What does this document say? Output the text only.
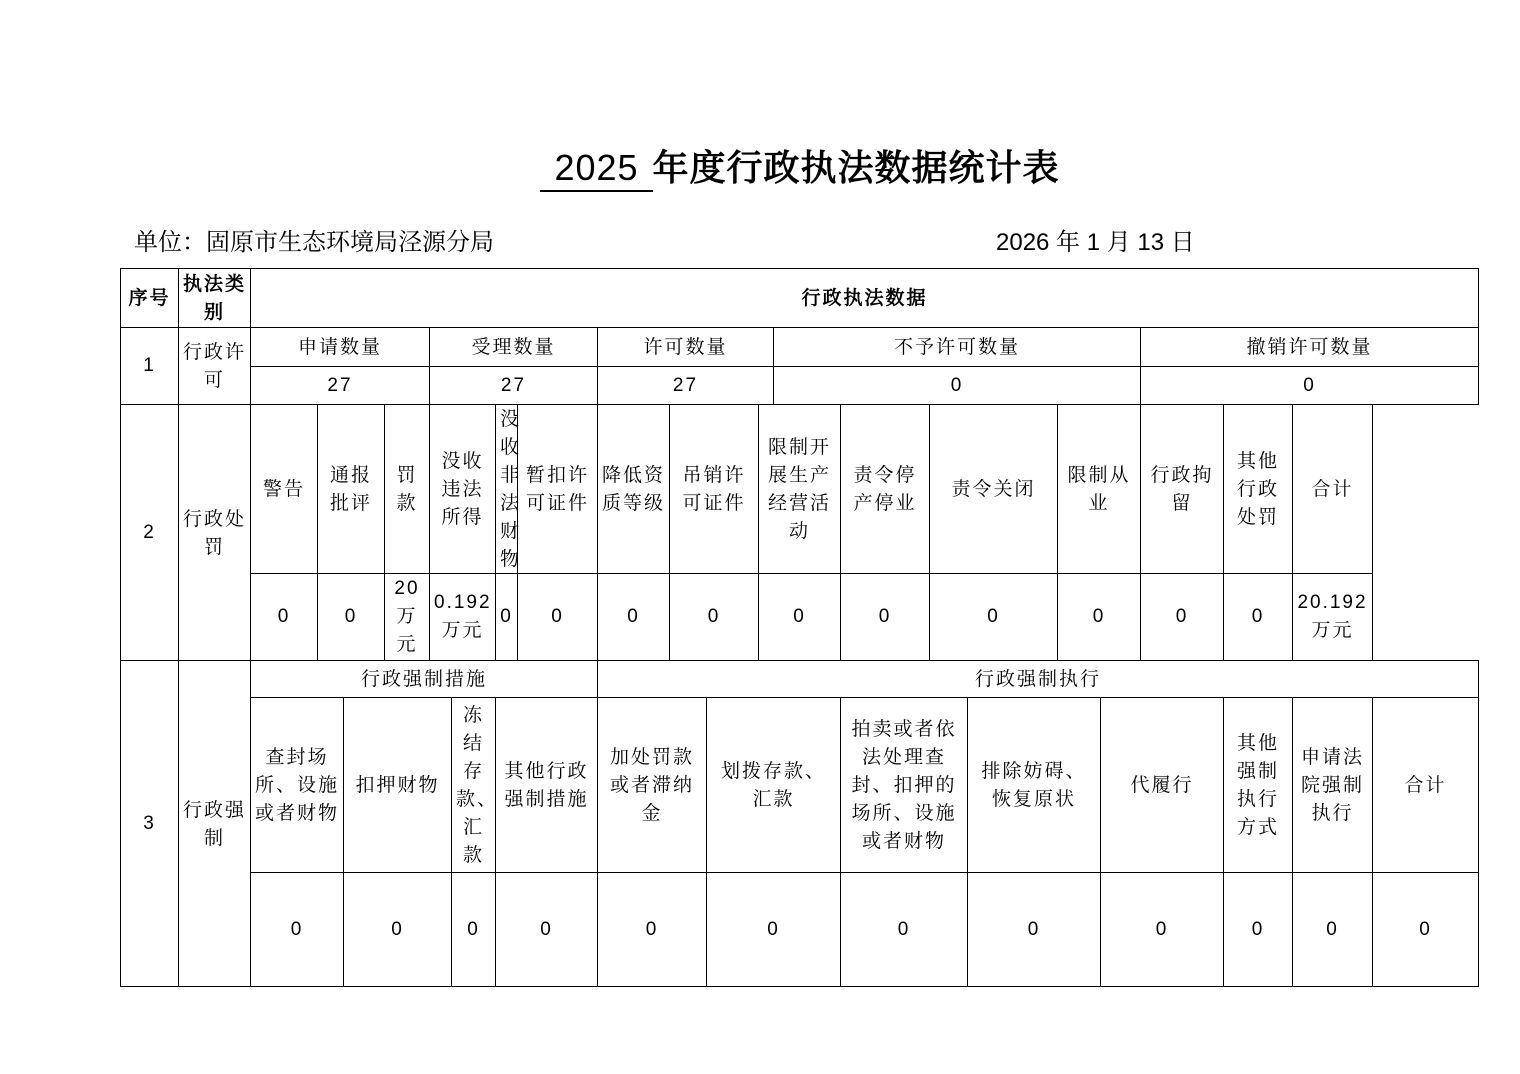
2025 年度行政执法数据统计表
单位：固原市生态环境局泾源分局	2026 年 1 月 13 日
序号	执法类别	行政执法数据																					
1	行政许可	申请数量				受理数量				许可数量				不予许可数量						撤销许可数量			
		27				27				27				0						0			
2	行政处罚	警告	通报批评		罚款	没收违法所得		没收非法财物	暂扣许可证件	降低资质等级	吊销许可证件		限制开展生产经营活动		责令停产停业	责令关闭		限制从业		行政拘留	其他行政处罚	合计	
		0	0		20万元	0.192万元		0	0	0	0		0		0	0		0		0	0	20.192万元	
3	行政强制	行政强制措施								行政强制执行													
		查封场所、设施或者财物		扣押财物			冻结存款、汇款	其他行政强制措施		加处罚款或者滞纳金		划拨存款、汇款			拍卖或者依法处理查封、扣押的场所、设施或者财物		排除妨碍、恢复原状		代履行		其他强制执行方式	申请法院强制执行	合计
		0		0			0	0		0		0			0		0		0		0	0	0
